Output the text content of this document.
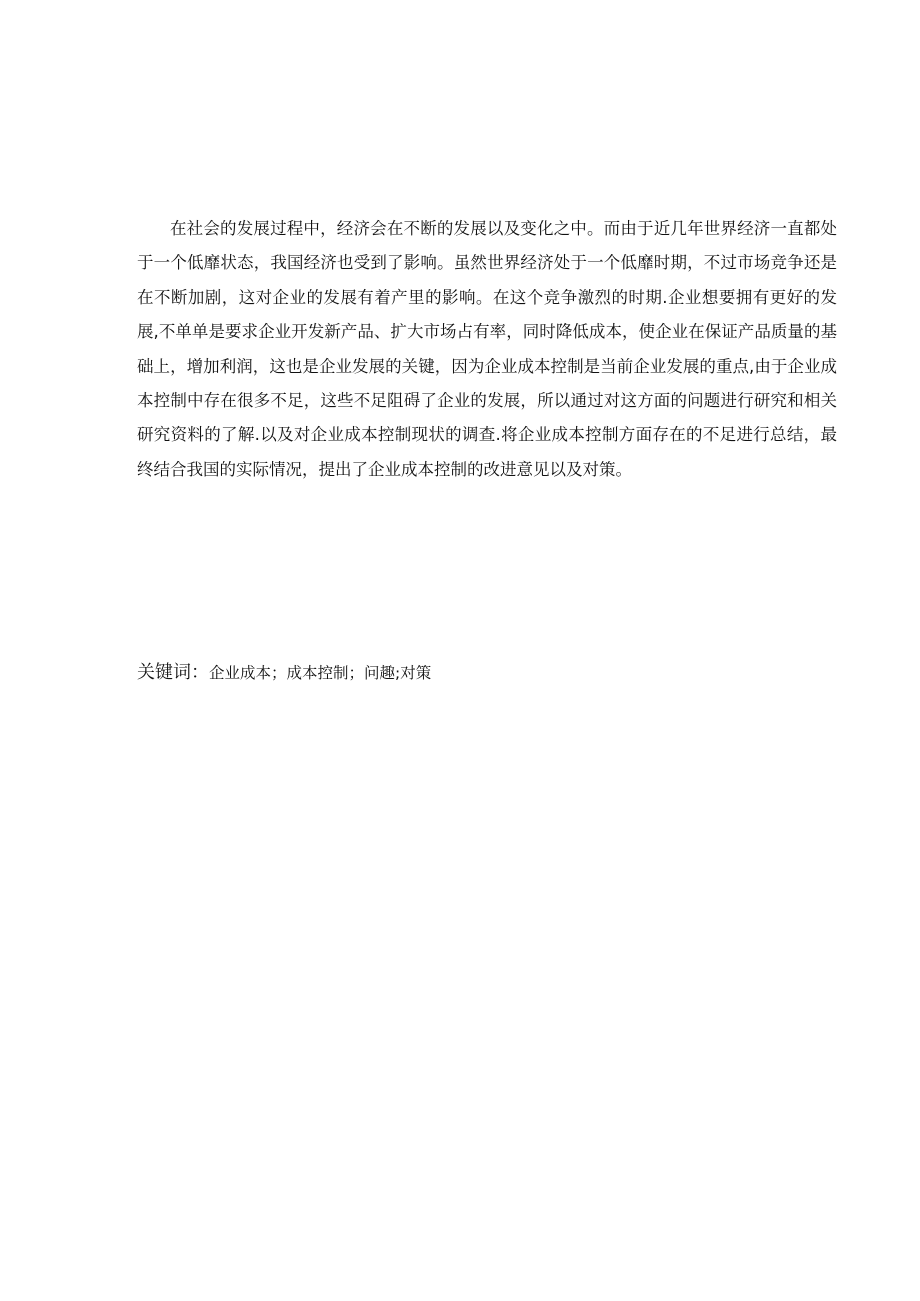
在社会的发展过程中，经济会在不断的发展以及变化之中。而由于近几年世界经济一直都处于一个低靡状态，我国经济也受到了影响。虽然世界经济处于一个低靡时期，不过市场竞争还是在不断加剧，这对企业的发展有着产里的影响。在这个竞争激烈的时期.企业想要拥有更好的发展,不单单是要求企业开发新产品、扩大市场占有率，同时降低成本，使企业在保证产品质量的基础上，增加利润，这也是企业发展的关键，因为企业成本控制是当前企业发展的重点,由于企业成本控制中存在很多不足，这些不足阻碍了企业的发展，所以通过对这方面的问题进行研究和相关研究资料的了解.以及对企业成本控制现状的调查.将企业成本控制方面存在的不足进行总结，最终结合我国的实际情况，提出了企业成本控制的改进意见以及对策。

关键词：企业成本；成本控制；问趣;对策
